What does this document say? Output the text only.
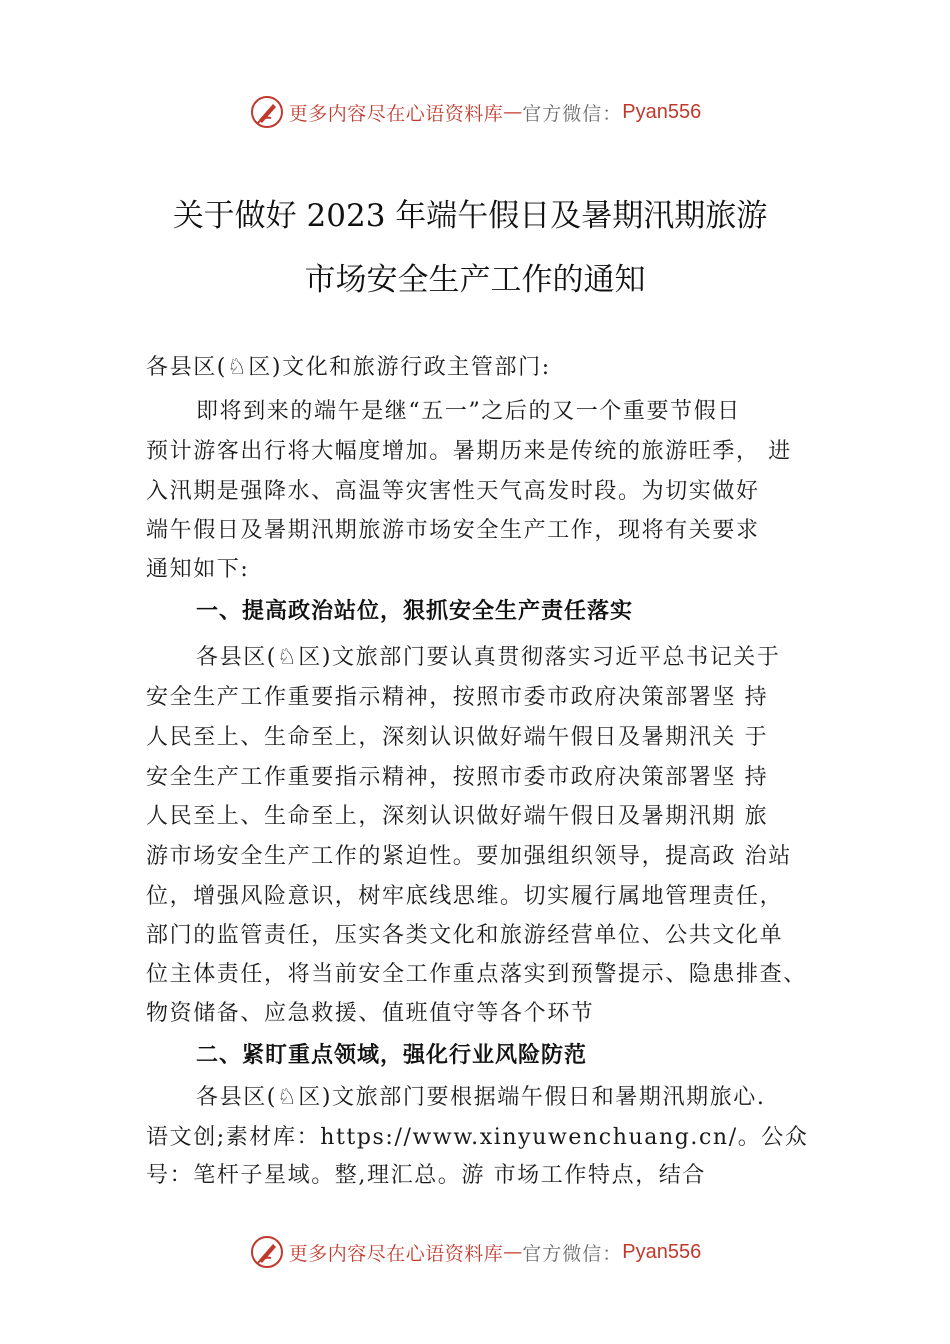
更多内容尽在心语资料库 — 官方微信： Pyan556
关于做好 2023 年端午假日及暑期汛期旅游
市场安全生产工作的通知
各县区(♘区)文化和旅游行政主管部门:
即将到来的端午是继“五一”之后的又一个重要节假日
预计游客出行将大幅度增加。暑期历来是传统的旅游旺季， 进
入汛期是强降水、高温等灾害性天气高发时段。为切实做好
端午假日及暑期汛期旅游市场安全生产工作，现将有关要求
通知如下:
一、提高政治站位，狠抓安全生产责任落实
各县区(♘区)文旅部门要认真贯彻落实习近平总书记关于
安全生产工作重要指示精神，按照市委市政府决策部署坚 持
人民至上、生命至上，深刻认识做好端午假日及暑期汛关 于
安全生产工作重要指示精神，按照市委市政府决策部署坚 持
人民至上、生命至上，深刻认识做好端午假日及暑期汛期 旅
游市场安全生产工作的紧迫性。要加强组织领导，提高政 治站
位，增强风险意识，树牢底线思维。切实履行属地管理责任，
部门的监管责任，压实各类文化和旅游经营单位、公共文化单
位主体责任，将当前安全工作重点落实到预警提示、隐患排查、
物资储备、应急救援、值班值守等各个环节
二、紧盯重点领域，强化行业风险防范
各县区(♘区)文旅部门要根据端午假日和暑期汛期旅心.
语文创;素材库：https://www.xinyuwenchuang.cn/。公众
号：笔杆子星域。整,理汇总。游 市场工作特点，结合
更多内容尽在心语资料库 — 官方微信： Pyan556
